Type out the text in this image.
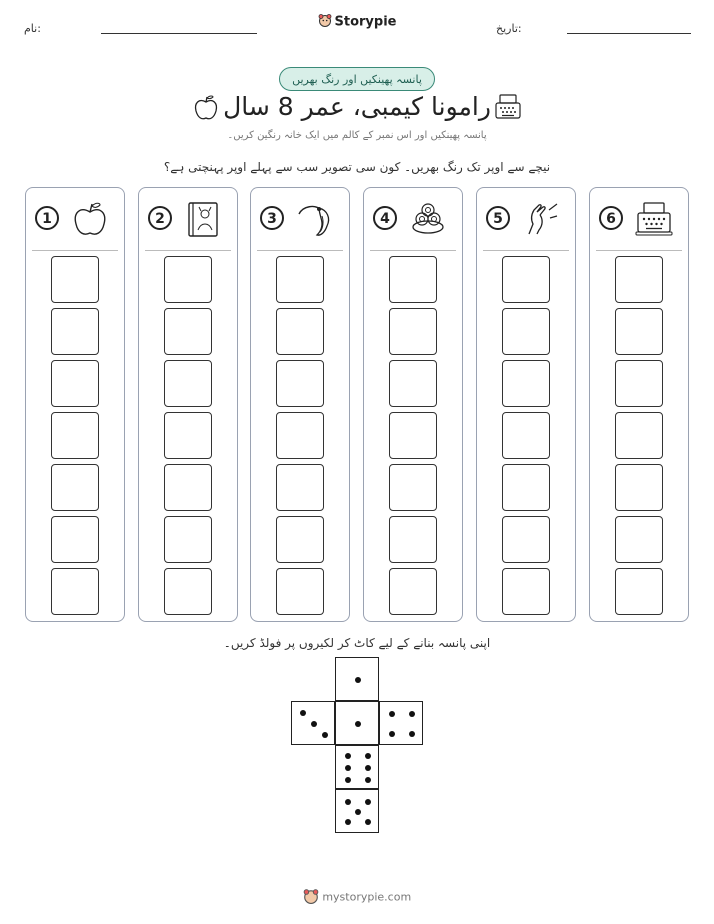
نام:	تاریخ:
Storypie
پانسہ پھینکیں اور رنگ بھریں
رامونا کیمبی، عمر 8 سال
پانسہ پھینکیں اور اس نمبر کے کالم میں ایک خانہ رنگین کریں۔
نیچے سے اوپر تک رنگ بھریں۔ کون سی تصویر سب سے پہلے اوپر پہنچتی ہے؟
1	2	3	4	5	6
اپنی پانسہ بنانے کے لیے کاٹ کر لکیروں پر فولڈ کریں۔
mystorypie.com
